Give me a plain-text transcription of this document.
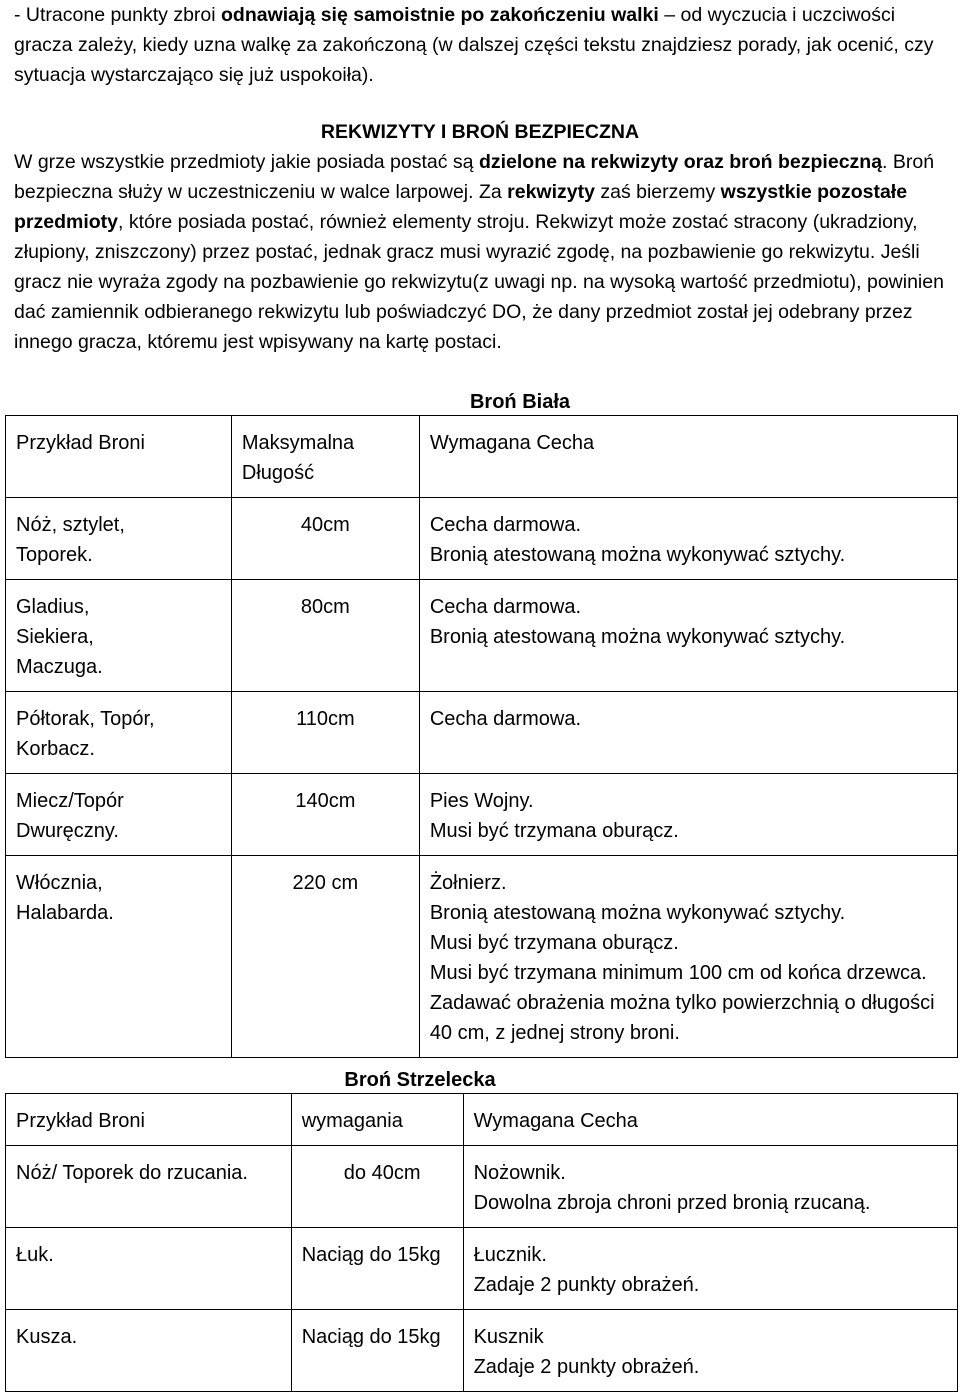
- Utracone punkty zbroi odnawiają się samoistnie po zakończeniu walki – od wyczucia i uczciwości gracza zależy, kiedy uzna walkę za zakończoną (w dalszej części tekstu znajdziesz porady, jak ocenić, czy sytuacja wystarczająco się już uspokoiła).
REKWIZYTY I BROŃ BEZPIECZNA
W grze wszystkie przedmioty jakie posiada postać są dzielone na rekwizyty oraz broń bezpieczną. Broń bezpieczna służy w uczestniczeniu w walce larpowej. Za rekwizyty zaś bierzemy wszystkie pozostałe przedmioty, które posiada postać, również elementy stroju. Rekwizyt może zostać stracony (ukradziony, złupiony, zniszczony) przez postać, jednak gracz musi wyrazić zgodę, na pozbawienie go rekwizytu. Jeśli gracz nie wyraża zgody na pozbawienie go rekwizytu(z uwagi np. na wysoką wartość przedmiotu), powinien dać zamiennik odbieranego rekwizytu lub poświadczyć DO, że dany przedmiot został jej odebrany przez innego gracza, któremu jest wpisywany na kartę postaci.
Broń Biała
Przykład Broni	Maksymalna Długość	Wymagana Cecha
Nóż, sztylet, Toporek.	40cm	Cecha darmowa.
Bronią atestowaną można wykonywać sztychy.

Gladius, Siekiera, Maczuga.	80cm	Cecha darmowa.
Bronią atestowaną można wykonywać sztychy.

Półtorak, Topór, Korbacz.	110cm	Cecha darmowa.

Miecz/Topór Dwuręczny.	140cm	Pies Wojny.
Musi być trzymana oburącz.

Włócznia, Halabarda.	220 cm	Żołnierz.
Bronią atestowaną można wykonywać sztychy.
Musi być trzymana oburącz.
Musi być trzymana minimum 100 cm od końca drzewca.
Zadawać obrażenia można tylko powierzchnią o długości 40 cm, z jednej strony broni.
Broń Strzelecka
Przykład Broni	wymagania	Wymagana Cecha
Nóż/ Toporek do rzucania.	do 40cm	Nożownik.
Dowolna zbroja chroni przed bronią rzucaną.

Łuk.	Naciąg do 15kg	Łucznik.
Zadaje 2 punkty obrażeń.

Kusza.	Naciąg do 15kg	Kusznik
Zadaje 2 punkty obrażeń.
